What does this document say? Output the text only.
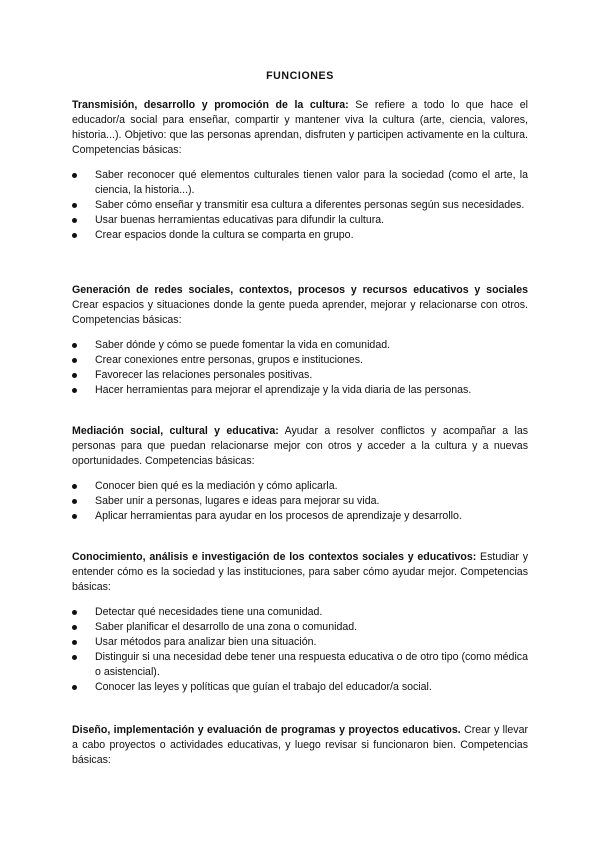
FUNCIONES

Transmisión, desarrollo y promoción de la cultura: Se refiere a todo lo que hace el educador/a social para enseñar, compartir y mantener viva la cultura (arte, ciencia, valores, historia...). Objetivo: que las personas aprendan, disfruten y participen activamente en la cultura. Competencias básicas:

Saber reconocer qué elementos culturales tienen valor para la sociedad (como el arte, la ciencia, la historia...).
Saber cómo enseñar y transmitir esa cultura a diferentes personas según sus necesidades.
Usar buenas herramientas educativas para difundir la cultura.
Crear espacios donde la cultura se comparta en grupo.

Generación de redes sociales, contextos, procesos y recursos educativos y sociales Crear espacios y situaciones donde la gente pueda aprender, mejorar y relacionarse con otros. Competencias básicas:

Saber dónde y cómo se puede fomentar la vida en comunidad.
Crear conexiones entre personas, grupos e instituciones.
Favorecer las relaciones personales positivas.
Hacer herramientas para mejorar el aprendizaje y la vida diaria de las personas.

Mediación social, cultural y educativa: Ayudar a resolver conflictos y acompañar a las personas para que puedan relacionarse mejor con otros y acceder a la cultura y a nuevas oportunidades. Competencias básicas:

Conocer bien qué es la mediación y cómo aplicarla.
Saber unir a personas, lugares e ideas para mejorar su vida.
Aplicar herramientas para ayudar en los procesos de aprendizaje y desarrollo.

Conocimiento, análisis e investigación de los contextos sociales y educativos: Estudiar y entender cómo es la sociedad y las instituciones, para saber cómo ayudar mejor. Competencias básicas:

Detectar qué necesidades tiene una comunidad.
Saber planificar el desarrollo de una zona o comunidad.
Usar métodos para analizar bien una situación.
Distinguir si una necesidad debe tener una respuesta educativa o de otro tipo (como médica o asistencial).
Conocer las leyes y políticas que guían el trabajo del educador/a social.

Diseño, implementación y evaluación de programas y proyectos educativos. Crear y llevar a cabo proyectos o actividades educativas, y luego revisar si funcionaron bien. Competencias básicas:
